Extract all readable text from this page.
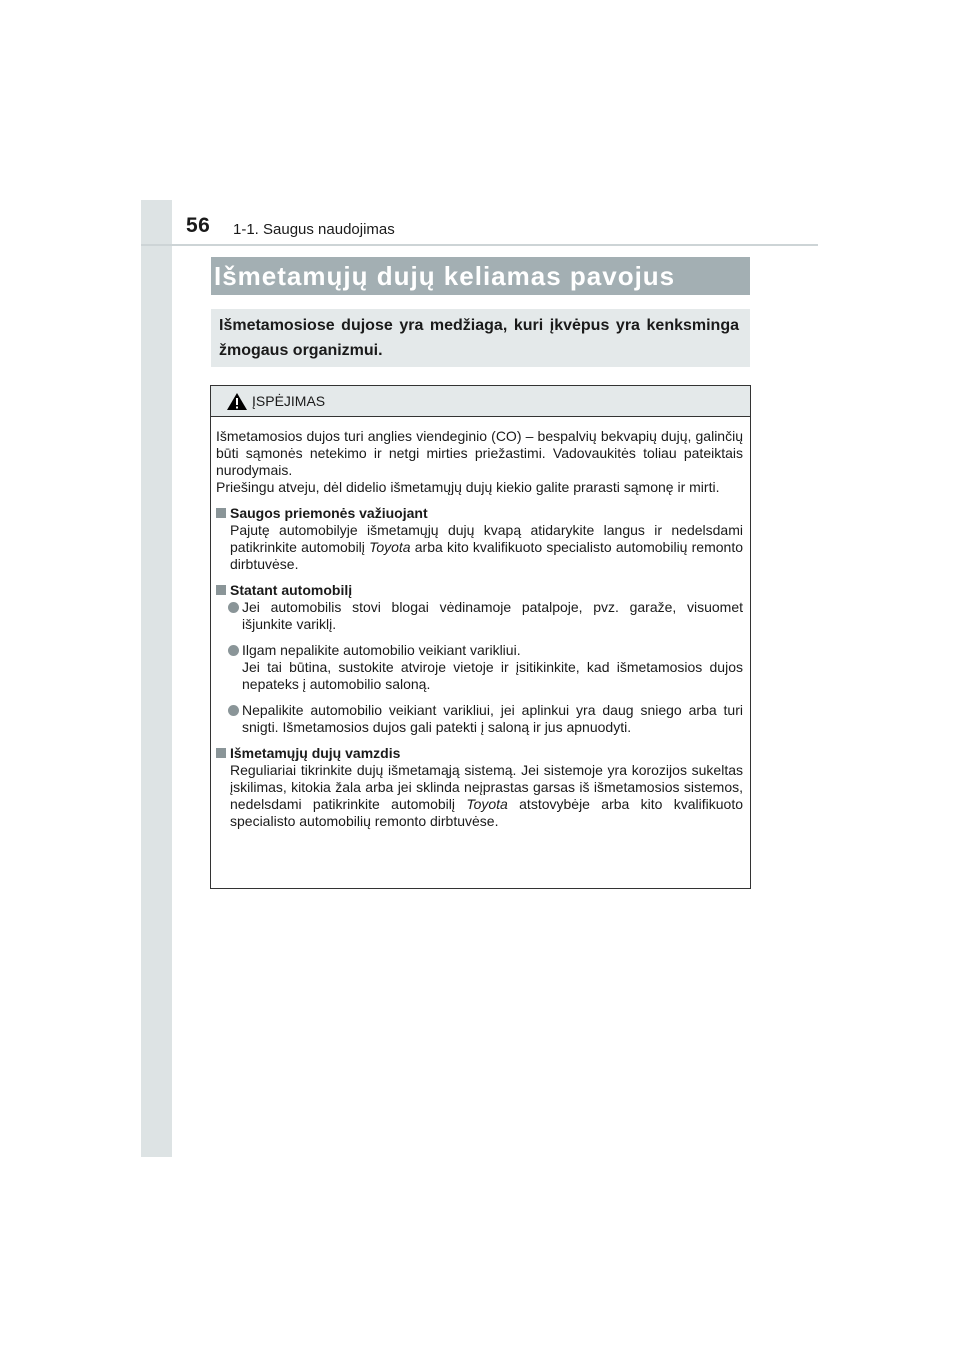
56 1-1. Saugus naudojimas
Išmetamųjų dujų keliamas pavojus
Išmetamosiose dujose yra medžiaga, kuri įkvėpus yra kenksminga žmogaus organizmui.
ĮSPĖJIMAS

Išmetamosios dujos turi anglies viendeginio (CO) – bespalvių bekvapių dujų, galinčių būti sąmonės netekimo ir netgi mirties priežastimi. Vadovaukitės toliau pateiktais nurodymais.

Priešingu atveju, dėl didelio išmetamųjų dujų kiekio galite prarasti sąmonę ir mirti.

Saugos priemonės važiuojant

Pajutę automobilyje išmetamųjų dujų kvapą atidarykite langus ir nedelsdami patikrinkite automobilį Toyota arba kito kvalifikuoto specialisto automobilių remonto dirbtuvėse.

Statant automobilį

Jei automobilis stovi blogai vėdinamoje patalpoje, pvz. garaže, visuomet išjunkite variklį.

Ilgam nepalikite automobilio veikiant varikliui.

Jei tai būtina, sustokite atviroje vietoje ir įsitikinkite, kad išmetamosios dujos nepateks į automobilio saloną.

Nepalikite automobilio veikiant varikliui, jei aplinkui yra daug sniego arba turi snigti. Išmetamosios dujos gali patekti į saloną ir jus apnuodyti.

Išmetamųjų dujų vamzdis

Reguliariai tikrinkite dujų išmetamąją sistemą. Jei sistemoje yra korozijos sukeltas įskilimas, kitokia žala arba jei sklinda neįprastas garsas iš išmetamosios sistemos, nedelsdami patikrinkite automobilį Toyota atstovybėje arba kito kvalifikuoto specialisto automobilių remonto dirbtuvėse.
